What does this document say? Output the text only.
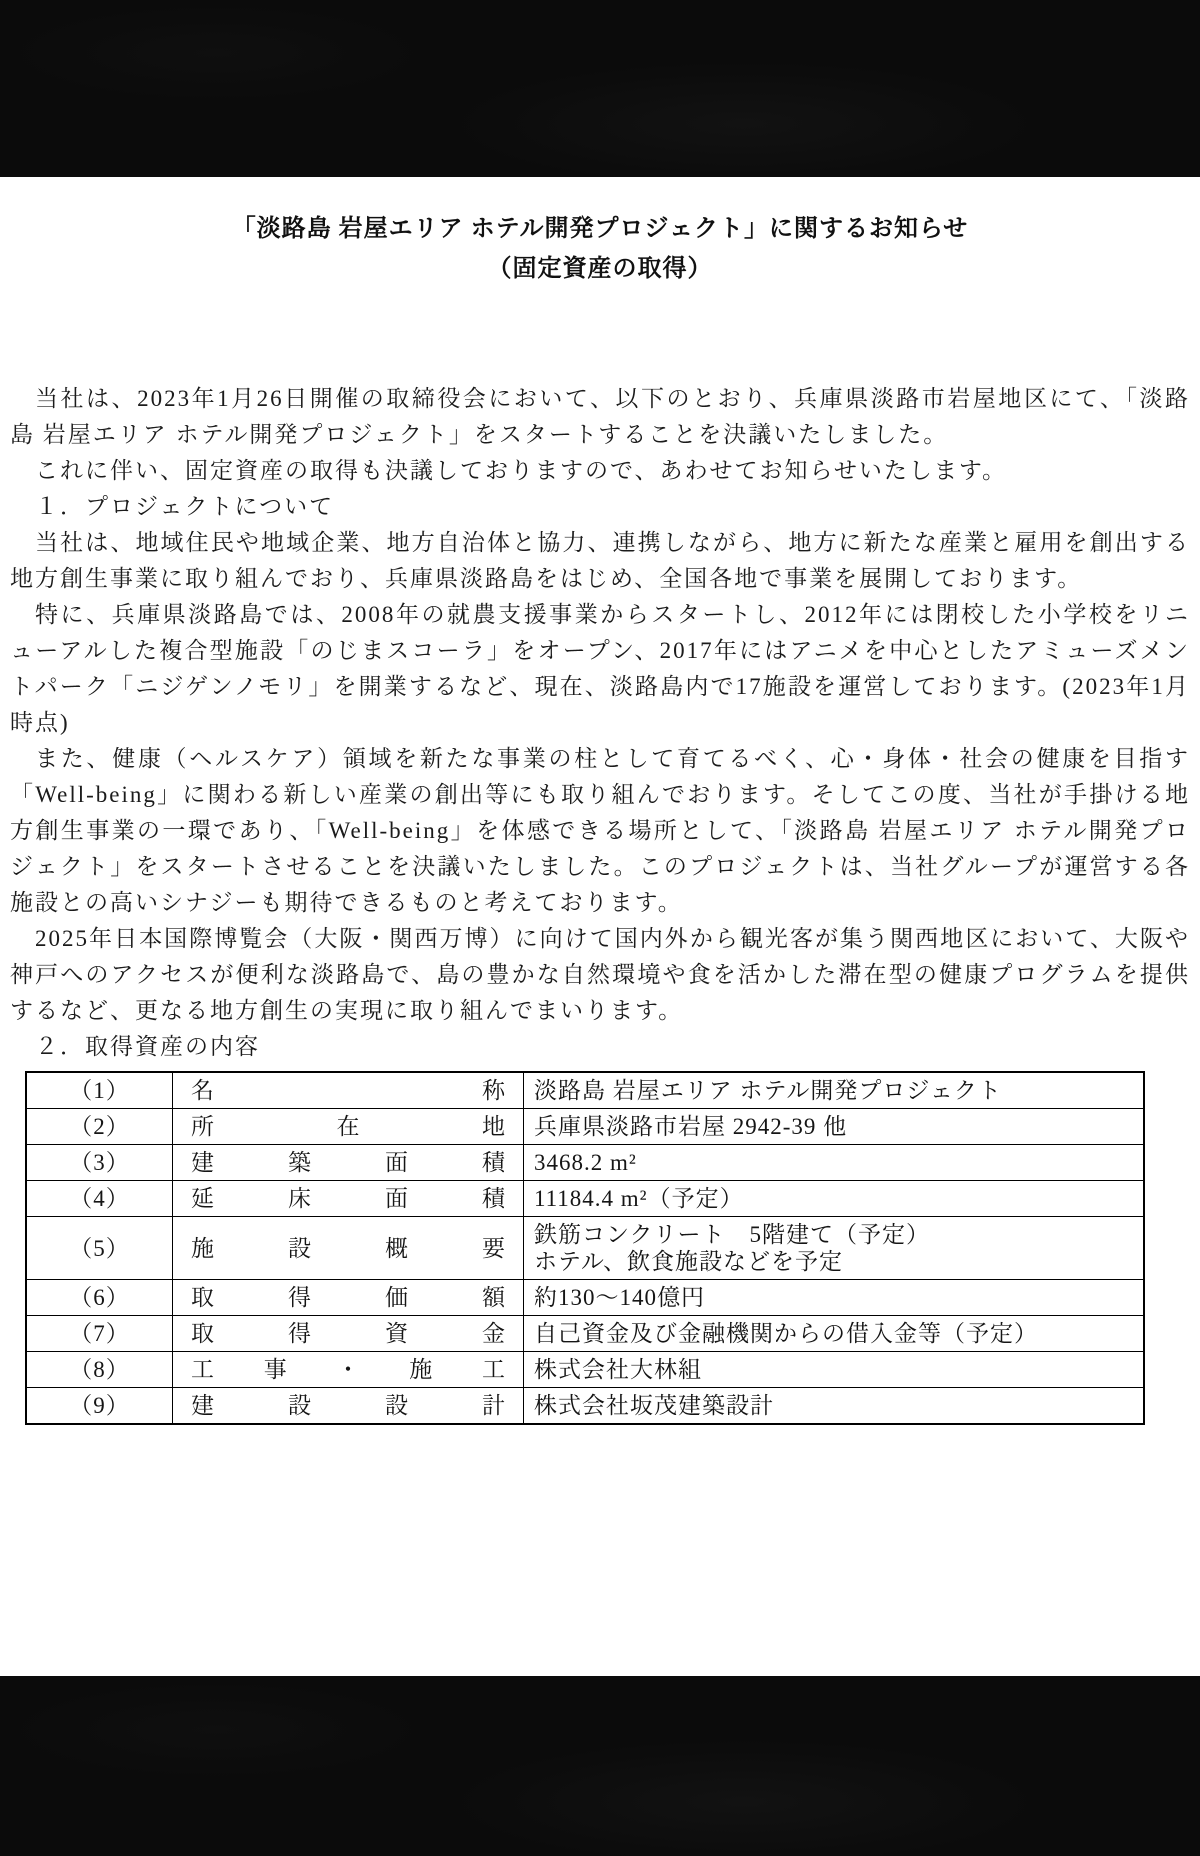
「淡路島 岩屋エリア ホテル開発プロジェクト」に関するお知らせ
（固定資産の取得）

当社は、2023年1月26日開催の取締役会において、以下のとおり、兵庫県淡路市岩屋地区にて、「淡路島 岩屋エリア ホテル開発プロジェクト」をスタートすることを決議いたしました。

これに伴い、固定資産の取得も決議しておりますので、あわせてお知らせいたします。

１．プロジェクトについて

当社は、地域住民や地域企業、地方自治体と協力、連携しながら、地方に新たな産業と雇用を創出する地方創生事業に取り組んでおり、兵庫県淡路島をはじめ、全国各地で事業を展開しております。

特に、兵庫県淡路島では、2008年の就農支援事業からスタートし、2012年には閉校した小学校をリニューアルした複合型施設「のじまスコーラ」をオープン、2017年にはアニメを中心としたアミューズメントパーク「ニジゲンノモリ」を開業するなど、現在、淡路島内で17施設を運営しております。(2023年1月時点)

また、健康（ヘルスケア）領域を新たな事業の柱として育てるべく、心・身体・社会の健康を目指す「Well-being」に関わる新しい産業の創出等にも取り組んでおります。そしてこの度、当社が手掛ける地方創生事業の一環であり、「Well-being」を体感できる場所として、「淡路島 岩屋エリア ホテル開発プロジェクト」をスタートさせることを決議いたしました。このプロジェクトは、当社グループが運営する各施設との高いシナジーも期待できるものと考えております。

2025年日本国際博覧会（大阪・関西万博）に向けて国内外から観光客が集う関西地区において、大阪や神戸へのアクセスが便利な淡路島で、島の豊かな自然環境や食を活かした滞在型の健康プログラムを提供するなど、更なる地方創生の実現に取り組んでまいります。

２．取得資産の内容

（1）	名 称	淡路島 岩屋エリア ホテル開発プロジェクト
（2）	所 在 地	兵庫県淡路市岩屋 2942-39 他
（3）	建 築 面 積	3468.2 m²
（4）	延 床 面 積	11184.4 m²（予定）
（5）	施 設 概 要	鉄筋コンクリート　5階建て（予定）
ホテル、飲食施設などを予定

（6）	取 得 価 額	約130～140億円
（7）	取 得 資 金	自己資金及び金融機関からの借入金等（予定）
（8）	工 事 ・ 施 工	株式会社大林組
（9）	建 設 設 計	株式会社坂茂建築設計
